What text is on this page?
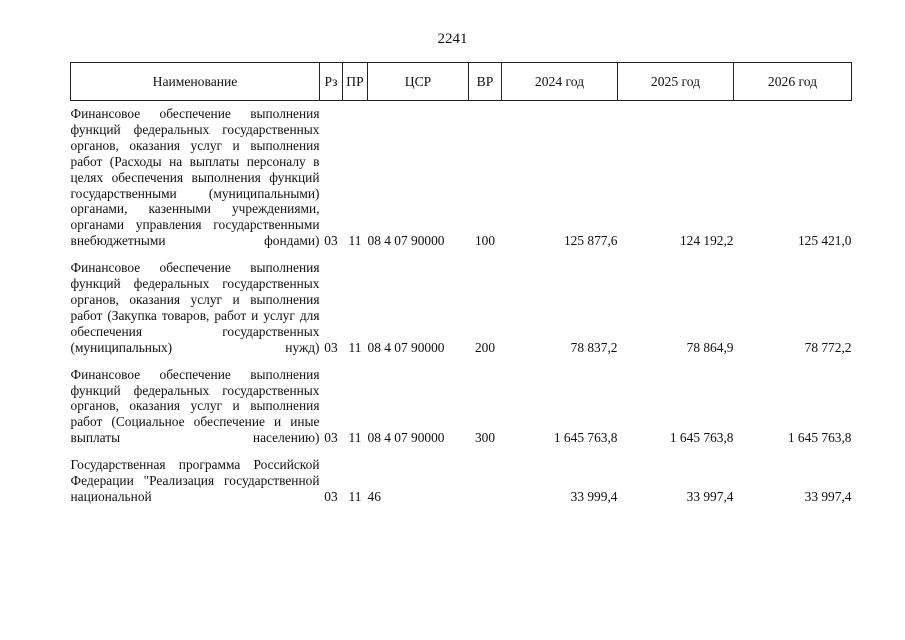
2241
Наименование	Рз	ПР	ЦСР	ВР	2024 год	2025 год	2026 год
Финансовое обеспечение выполнения функций федеральных государственных органов, оказания услуг и выполнения работ (Расходы на выплаты персоналу в целях обеспечения выполнения функций государственными (муниципальными) органами, казенными учреждениями, органами управления государственными внебюджетными фондами)	03	11	08 4 07 90000	100	125 877,6	124 192,2	125 421,0
Финансовое обеспечение выполнения функций федеральных государственных органов, оказания услуг и выполнения работ (Закупка товаров, работ и услуг для обеспечения государственных (муниципальных) нужд)	03	11	08 4 07 90000	200	78 837,2	78 864,9	78 772,2
Финансовое обеспечение выполнения функций федеральных государственных органов, оказания услуг и выполнения работ (Социальное обеспечение и иные выплаты населению)	03	11	08 4 07 90000	300	1 645 763,8	1 645 763,8	1 645 763,8
Государственная программа Российской Федерации "Реализация государственной национальной	03	11	46		33 999,4	33 997,4	33 997,4
